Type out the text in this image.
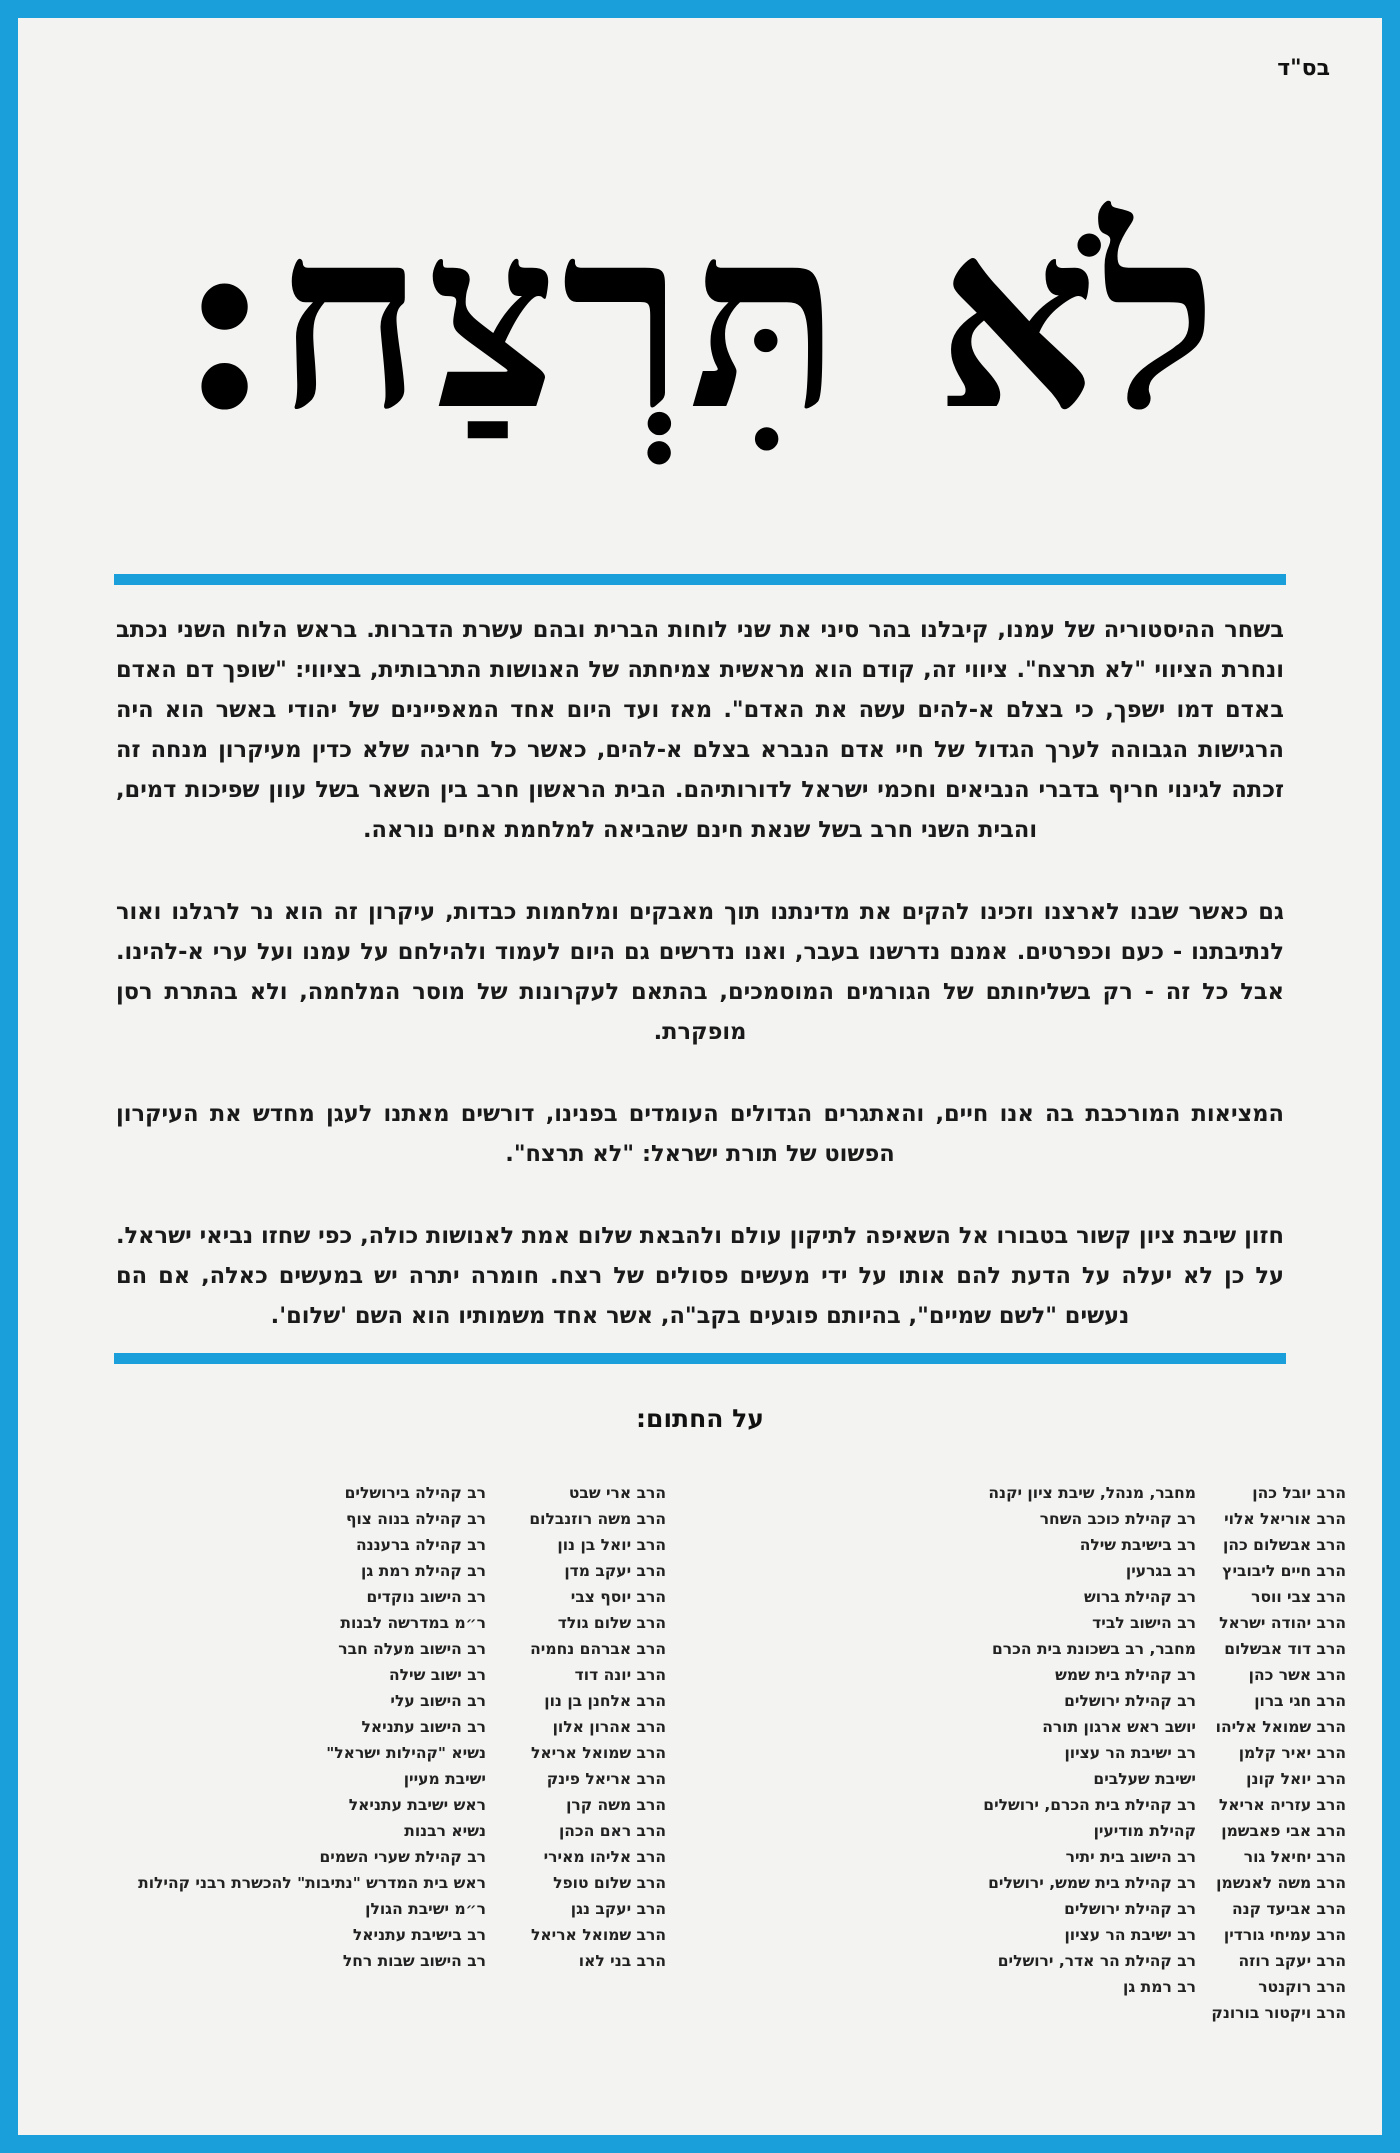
בס"ד
לֹא תִּרְצַח:

בשחר ההיסטוריה של עמנו, קיבלנו בהר סיני את שני לוחות הברית ובהם עשרת הדברות. בראש הלוח השני נכתב ונחרת הציווי "לא תרצח". ציווי זה, קודם הוא מראשית צמיחתה של האנושות התרבותית, בציווי: "שופך דם האדם באדם דמו ישפך, כי בצלם א-להים עשה את האדם". מאז ועד היום אחד המאפיינים של יהודי באשר הוא היה הרגישות הגבוהה לערך הגדול של חיי אדם הנברא בצלם א-להים, כאשר כל חריגה שלא כדין מעיקרון מנחה זה זכתה לגינוי חריף בדברי הנביאים וחכמי ישראל לדורותיהם. הבית הראשון חרב בין השאר בשל עוון שפיכות דמים, והבית השני חרב בשל שנאת חינם שהביאה למלחמת אחים נוראה.

גם כאשר שבנו לארצנו וזכינו להקים את מדינתנו תוך מאבקים ומלחמות כבדות, עיקרון זה הוא נר לרגלנו ואור לנתיבתנו - כעם וכפרטים. אמנם נדרשנו בעבר, ואנו נדרשים גם היום לעמוד ולהילחם על עמנו ועל ערי א-להינו. אבל כל זה - רק בשליחותם של הגורמים המוסמכים, בהתאם לעקרונות של מוסר המלחמה, ולא בהתרת רסן מופקרת.

המציאות המורכבת בה אנו חיים, והאתגרים הגדולים העומדים בפנינו, דורשים מאתנו לעגן מחדש את העיקרון הפשוט של תורת ישראל: "לא תרצח".

חזון שיבת ציון קשור בטבורו אל השאיפה לתיקון עולם ולהבאת שלום אמת לאנושות כולה, כפי שחזו נביאי ישראל. על כן לא יעלה על הדעת להם אותו על ידי מעשים פסולים של רצח. חומרה יתרה יש במעשים כאלה, אם הם נעשים "לשם שמיים", בהיותם פוגעים בקב"ה, אשר אחד משמותיו הוא השם 'שלום'.

על החתום:
הרב יובל כהן
הרב אוריאל אלוי
הרב אבשלום כהן
הרב חיים ליבוביץ
הרב צבי ווסר
הרב יהודה ישראל
הרב דוד אבשלום
הרב אשר כהן
הרב חגי ברון
הרב שמואל אליהו
הרב יאיר קלמן
הרב יואל קונן
הרב עזריה אריאל
הרב אבי פאבשמן
הרב יחיאל גור
הרב משה לאנשמן
הרב אביעד קנה
הרב עמיחי גורדין
הרב יעקב רוזה
הרב רוקנטר
הרב ויקטור בורונק
מחבר, מנהל, שיבת ציון יקנה
רב קהילת כוכב השחר
רב בישיבת שילה
רב בגרעין
רב קהילת ברוש
רב הישוב לביד
מחבר, רב בשכונת בית הכרם
רב קהילת בית שמש
רב קהילת ירושלים
יושב ראש ארגון תורה
רב ישיבת הר עציון
ישיבת שעלבים
רב קהילת בית הכרם, ירושלים
קהילת מודיעין
רב הישוב בית יתיר
רב קהילת בית שמש, ירושלים
רב קהילת ירושלים
רב ישיבת הר עציון
רב קהילת הר אדר, ירושלים
רב רמת גן
הרב ארי שבט
הרב משה רוזנבלום
הרב יואל בן נון
הרב יעקב מדן
הרב יוסף צבי
הרב שלום גולד
הרב אברהם נחמיה
הרב יונה דוד
הרב אלחנן בן נון
הרב אהרון אלון
הרב שמואל אריאל
הרב אריאל פינק
הרב משה קרן
הרב ראם הכהן
הרב אליהו מאירי
הרב שלום טופל
הרב יעקב נגן
הרב שמואל אריאל
הרב בני לאו
רב קהילה בירושלים
רב קהילה בנוה צוף
רב קהילה ברעננה
רב קהילת רמת גן
רב הישוב נוקדים
ר״מ במדרשה לבנות
רב הישוב מעלה חבר
רב ישוב שילה
רב הישוב עלי
רב הישוב עתניאל
נשיא "קהילות ישראל"
ישיבת מעיין
ראש ישיבת עתניאל
נשיא רבנות
רב קהילת שערי השמים
ראש בית המדרש "נתיבות" להכשרת רבני קהילות
ר״מ ישיבת הגולן
רב בישיבת עתניאל
רב הישוב שבות רחל
